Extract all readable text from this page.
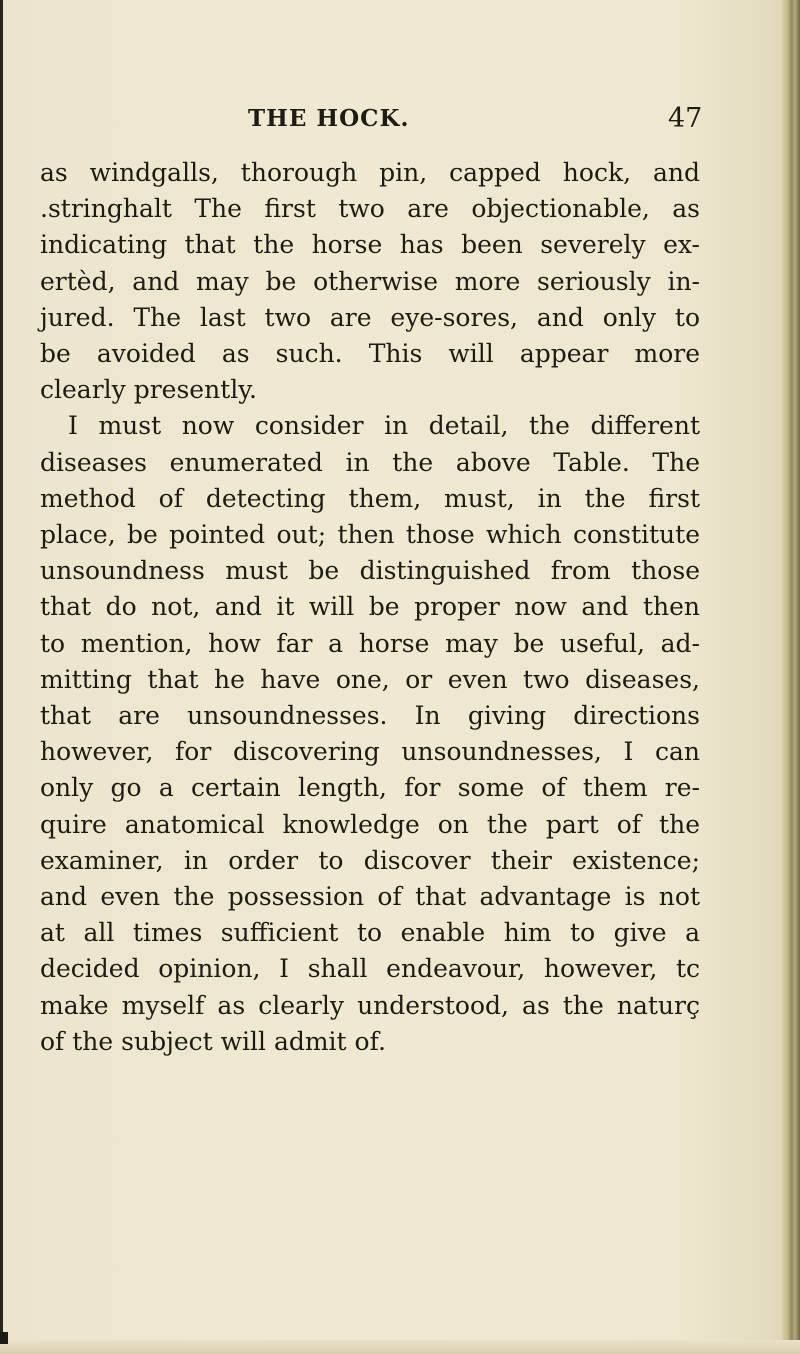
THE HOCK.	47
as windgalls, thorough pin, capped hock, and
.stringhalt The first two are objectionable, as
indicating that the horse has been severely ex-
ertèd, and may be otherwise more seriously in-
jured. The last two are eye-sores, and only to
be avoided as such. This will appear more
clearly presently.
I must now consider in detail, the different
diseases enumerated in the above Table. The
method of detecting them, must, in the first
place, be pointed out; then those which constitute
unsoundness must be distinguished from those
that do not, and it will be proper now and then
to mention, how far a horse may be useful, ad-
mitting that he have one, or even two diseases,
that are unsoundnesses. In giving directions
however, for discovering unsoundnesses, I can
only go a certain length, for some of them re-
quire anatomical knowledge on the part of the
examiner, in order to discover their existence;
and even the possession of that advantage is not
at all times sufficient to enable him to give a
decided opinion, I shall endeavour, however, tc
make myself as clearly understood, as the naturç
of the subject will admit of.
